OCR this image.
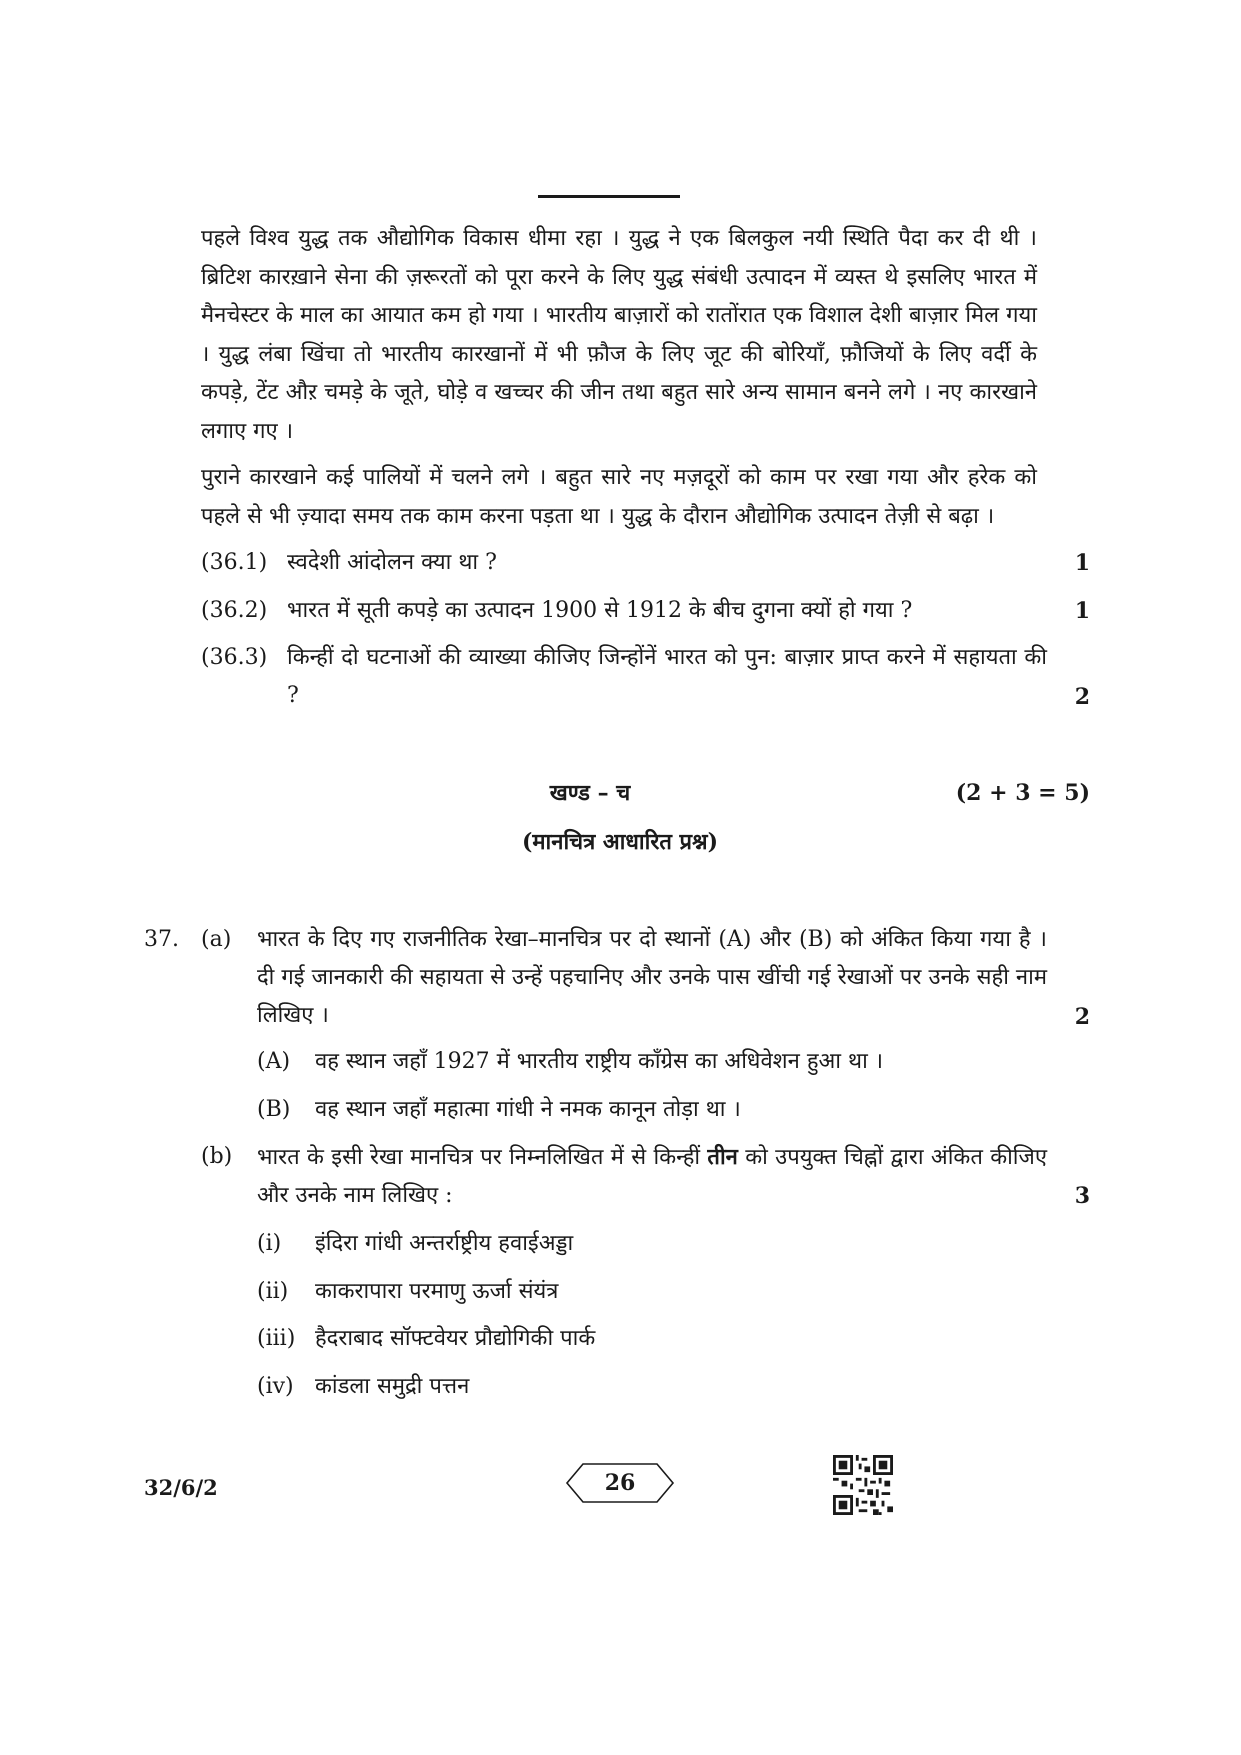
पहले विश्व युद्ध तक औद्योगिक विकास धीमा रहा । युद्ध ने एक बिलकुल नयी स्थिति पैदा कर दी थी । ब्रिटिश कारख़ाने सेना की ज़रूरतों को पूरा करने के लिए युद्ध संबंधी उत्पादन में व्यस्त थे इसलिए भारत में मैनचेस्टर के माल का आयात कम हो गया । भारतीय बाज़ारों को रातोंरात एक विशाल देशी बाज़ार मिल गया । युद्ध लंबा खिंचा तो भारतीय कारखानों में भी फ़ौज के लिए जूट की बोरियाँ, फ़ौजियों के लिए वर्दी के कपड़े, टेंट औऱ चमड़े के जूते, घोड़े व खच्चर की जीन तथा बहुत सारे अन्य सामान बनने लगे । नए कारखाने लगाए गए ।

पुराने कारखाने कई पालियों में चलने लगे । बहुत सारे नए मज़दूरों को काम पर रखा गया और हरेक को पहले से भी ज़्यादा समय तक काम करना पड़ता था । युद्ध के दौरान औद्योगिक उत्पादन तेज़ी से बढ़ा ।

(36.1) स्वदेशी आंदोलन क्या था ?	1
(36.2) भारत में सूती कपड़े का उत्पादन 1900 से 1912 के बीच दुगना क्यों हो गया ?	1
(36.3) किन्हीं दो घटनाओं की व्याख्या कीजिए जिन्होंनें भारत को पुन: बाज़ार प्राप्त करने में सहायता की ?	2
खण्ड – च	(2 + 3 = 5)
(मानचित्र आधारित प्रश्न)
37. (a) भारत के दिए गए राजनीतिक रेखा–मानचित्र पर दो स्थानों (A) और (B) को अंकित किया गया है । दी गई जानकारी की सहायता से उन्हें पहचानिए और उनके पास खींची गई रेखाओं पर उनके सही नाम लिखिए ।	2
(A) वह स्थान जहाँ 1927 में भारतीय राष्ट्रीय काँग्रेस का अधिवेशन हुआ था ।
(B) वह स्थान जहाँ महात्मा गांधी ने नमक कानून तोड़ा था ।
(b) भारत के इसी रेखा मानचित्र पर निम्नलिखित में से किन्हीं तीन को उपयुक्त चिह्नों द्वारा अंकित कीजिए और उनके नाम लिखिए :	3
(i) इंदिरा गांधी अन्तर्राष्ट्रीय हवाईअड्डा
(ii) काकरापारा परमाणु ऊर्जा संयंत्र
(iii) हैदराबाद सॉफ्टवेयर प्रौद्योगिकी पार्क
(iv) कांडला समुद्री पत्तन
32/6/2	26
